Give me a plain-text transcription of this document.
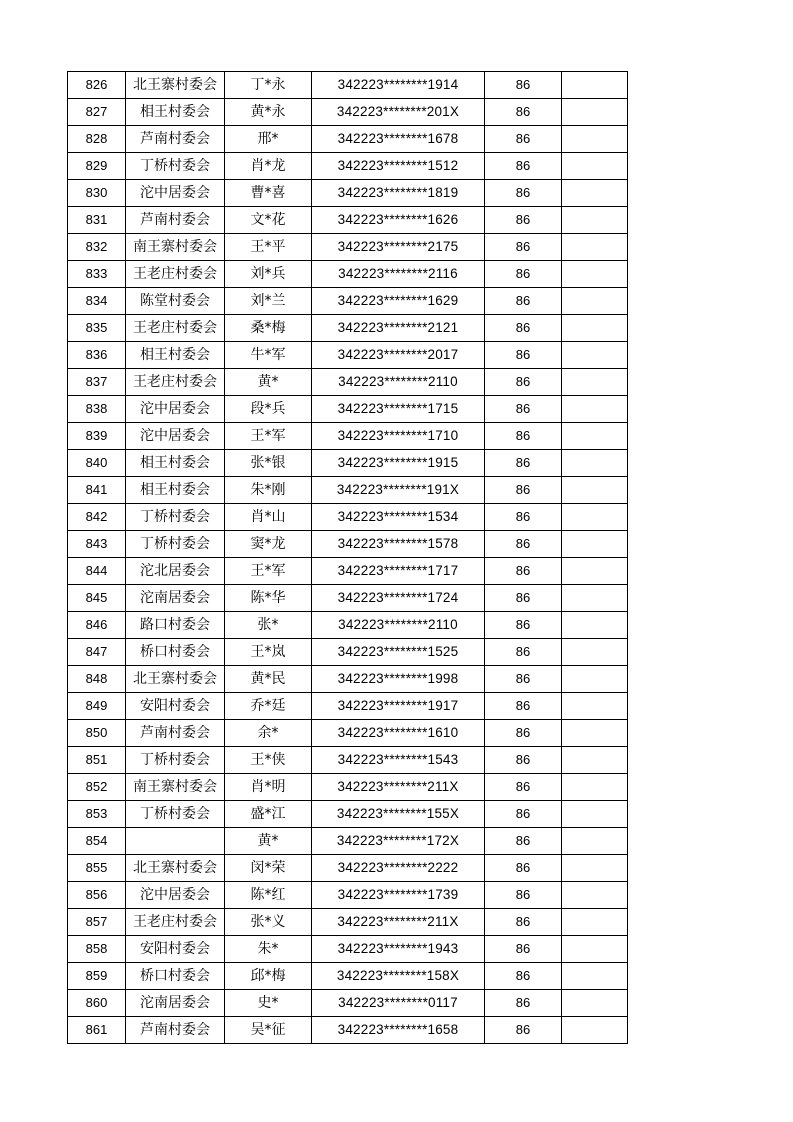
826	北王寨村委会	丁*永	342223********1914	86	
827	相王村委会	黄*永	342223********201X	86	
828	芦南村委会	邢*	342223********1678	86	
829	丁桥村委会	肖*龙	342223********1512	86	
830	沱中居委会	曹*喜	342223********1819	86	
831	芦南村委会	文*花	342223********1626	86	
832	南王寨村委会	王*平	342223********2175	86	
833	王老庄村委会	刘*兵	342223********2116	86	
834	陈堂村委会	刘*兰	342223********1629	86	
835	王老庄村委会	桑*梅	342223********2121	86	
836	相王村委会	牛*军	342223********2017	86	
837	王老庄村委会	黄*	342223********2110	86	
838	沱中居委会	段*兵	342223********1715	86	
839	沱中居委会	王*军	342223********1710	86	
840	相王村委会	张*银	342223********1915	86	
841	相王村委会	朱*刚	342223********191X	86	
842	丁桥村委会	肖*山	342223********1534	86	
843	丁桥村委会	窦*龙	342223********1578	86	
844	沱北居委会	王*军	342223********1717	86	
845	沱南居委会	陈*华	342223********1724	86	
846	路口村委会	张*	342223********2110	86	
847	桥口村委会	王*岚	342223********1525	86	
848	北王寨村委会	黄*民	342223********1998	86	
849	安阳村委会	乔*廷	342223********1917	86	
850	芦南村委会	余*	342223********1610	86	
851	丁桥村委会	王*侠	342223********1543	86	
852	南王寨村委会	肖*明	342223********211X	86	
853	丁桥村委会	盛*江	342223********155X	86	
854		黄*	342223********172X	86	
855	北王寨村委会	闵*荣	342223********2222	86	
856	沱中居委会	陈*红	342223********1739	86	
857	王老庄村委会	张*义	342223********211X	86	
858	安阳村委会	朱*	342223********1943	86	
859	桥口村委会	邱*梅	342223********158X	86	
860	沱南居委会	史*	342223********0117	86	
861	芦南村委会	吴*征	342223********1658	86	
